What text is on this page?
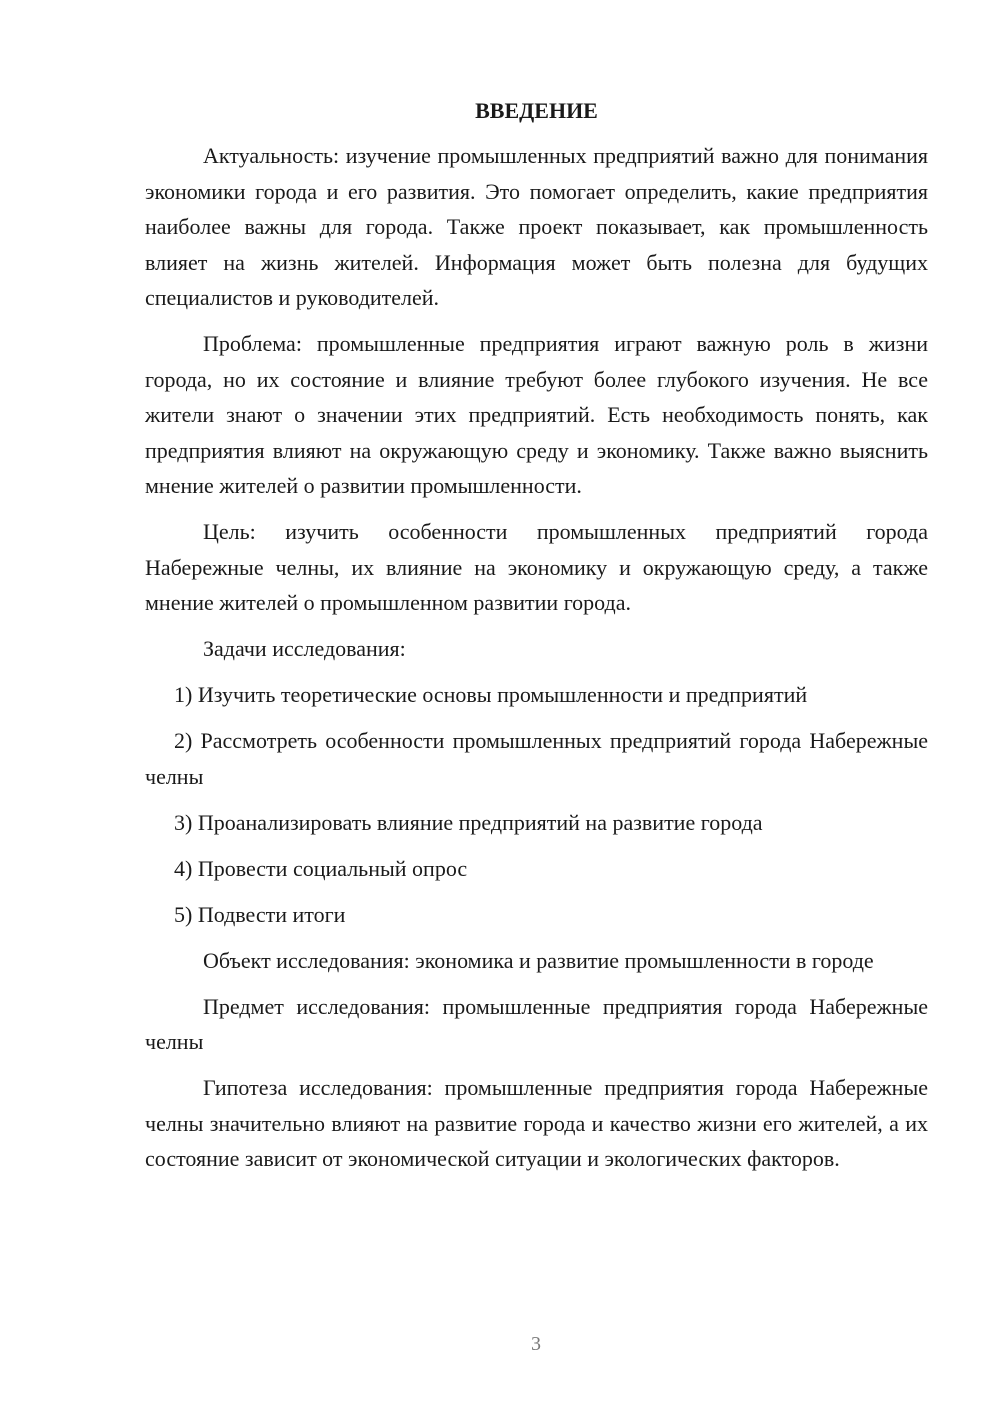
ВВЕДЕНИЕ

Актуальность: изучение промышленных предприятий важно для понимания экономики города и его развития. Это помогает определить, какие предприятия наиболее важны для города. Также проект показывает, как промышленность влияет на жизнь жителей. Информация может быть полезна для будущих специалистов и руководителей.

Проблема: промышленные предприятия играют важную роль в жизни города, но их состояние и влияние требуют более глубокого изучения. Не все жители знают о значении этих предприятий. Есть необходимость понять, как предприятия влияют на окружающую среду и экономику. Также важно выяснить мнение жителей о развитии промышленности.

Цель: изучить особенности промышленных предприятий города Набережные челны, их влияние на экономику и окружающую среду, а также мнение жителей о промышленном развитии города.

Задачи исследования:

1) Изучить теоретические основы промышленности и предприятий

2) Рассмотреть особенности промышленных предприятий города Набережные челны

3) Проанализировать влияние предприятий на развитие города

4) Провести социальный опрос

5) Подвести итоги

Объект исследования: экономика и развитие промышленности в городе

Предмет исследования: промышленные предприятия города Набережные челны

Гипотеза исследования: промышленные предприятия города Набережные челны значительно влияют на развитие города и качество жизни его жителей, а их состояние зависит от экономической ситуации и экологических факторов.

3
